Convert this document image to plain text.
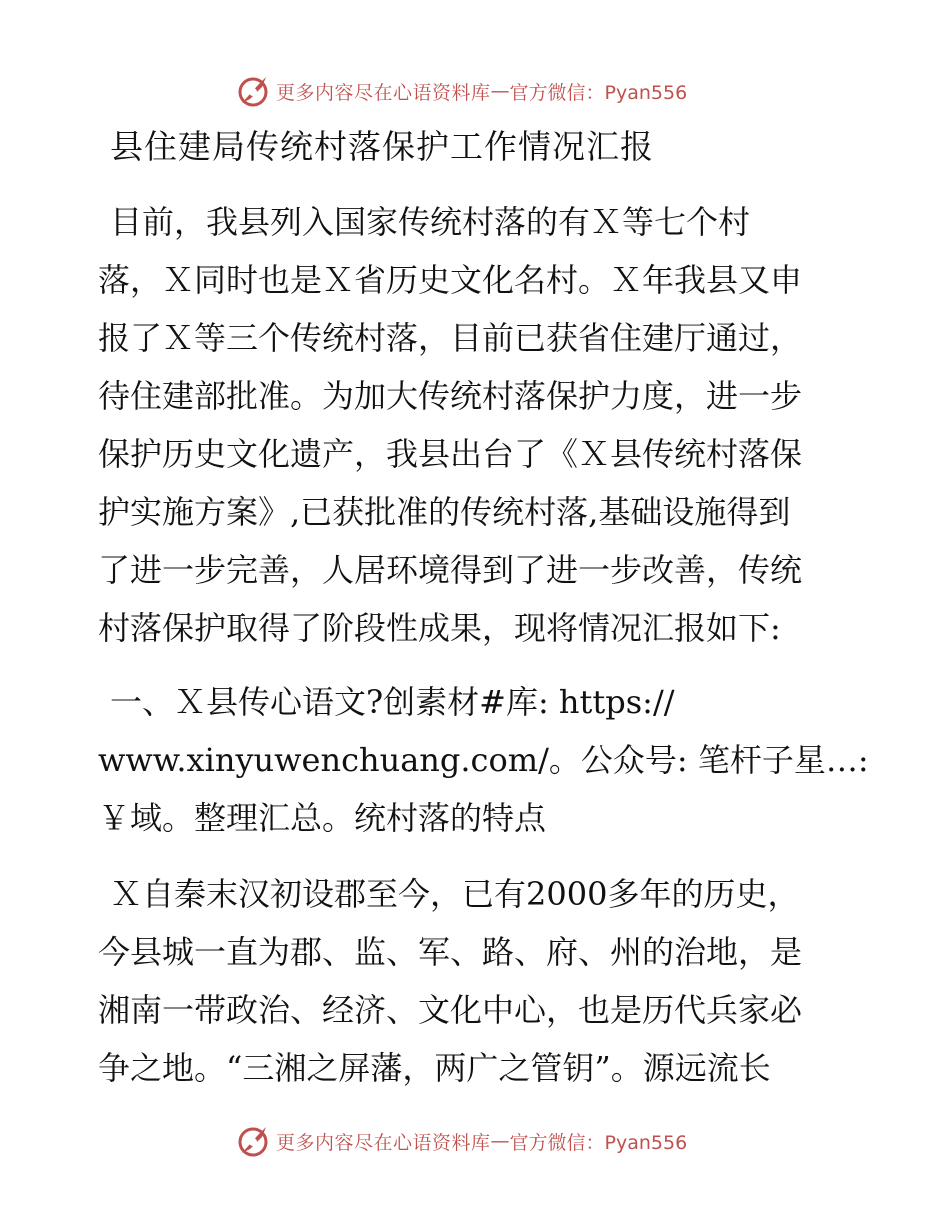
更多内容尽在心语资料库 — 官方微信：Pyan556
县住建局传统村落保护工作情况汇报
目前，我县列入国家传统村落的有Ｘ等七个村
落，Ｘ同时也是Ｘ省历史文化名村。Ｘ年我县又申
报了Ｘ等三个传统村落，目前已获省住建厅通过，
待住建部批准。为加大传统村落保护力度，进一步
保护历史文化遗产，我县出台了《Ｘ县传统村落保
护实施方案》,已获批准的传统村落,基础设施得到
了进一步完善，人居环境得到了进一步改善，传统
村落保护取得了阶段性成果，现将情况汇报如下:
一、Ｘ县传心语文?创素材#库: https://
www.xinyuwenchuang.com/。公众号: 笔杆子星…:
￥域。整理汇总。统村落的特点
Ｘ自秦末汉初设郡至今，已有2000多年的历史，
今县城一直为郡、监、军、路、府、州的治地，是
湘南一带政治、经济、文化中心，也是历代兵家必
争之地。“三湘之屏藩，两广之管钥”。源远流长
更多内容尽在心语资料库 — 官方微信：Pyan556
